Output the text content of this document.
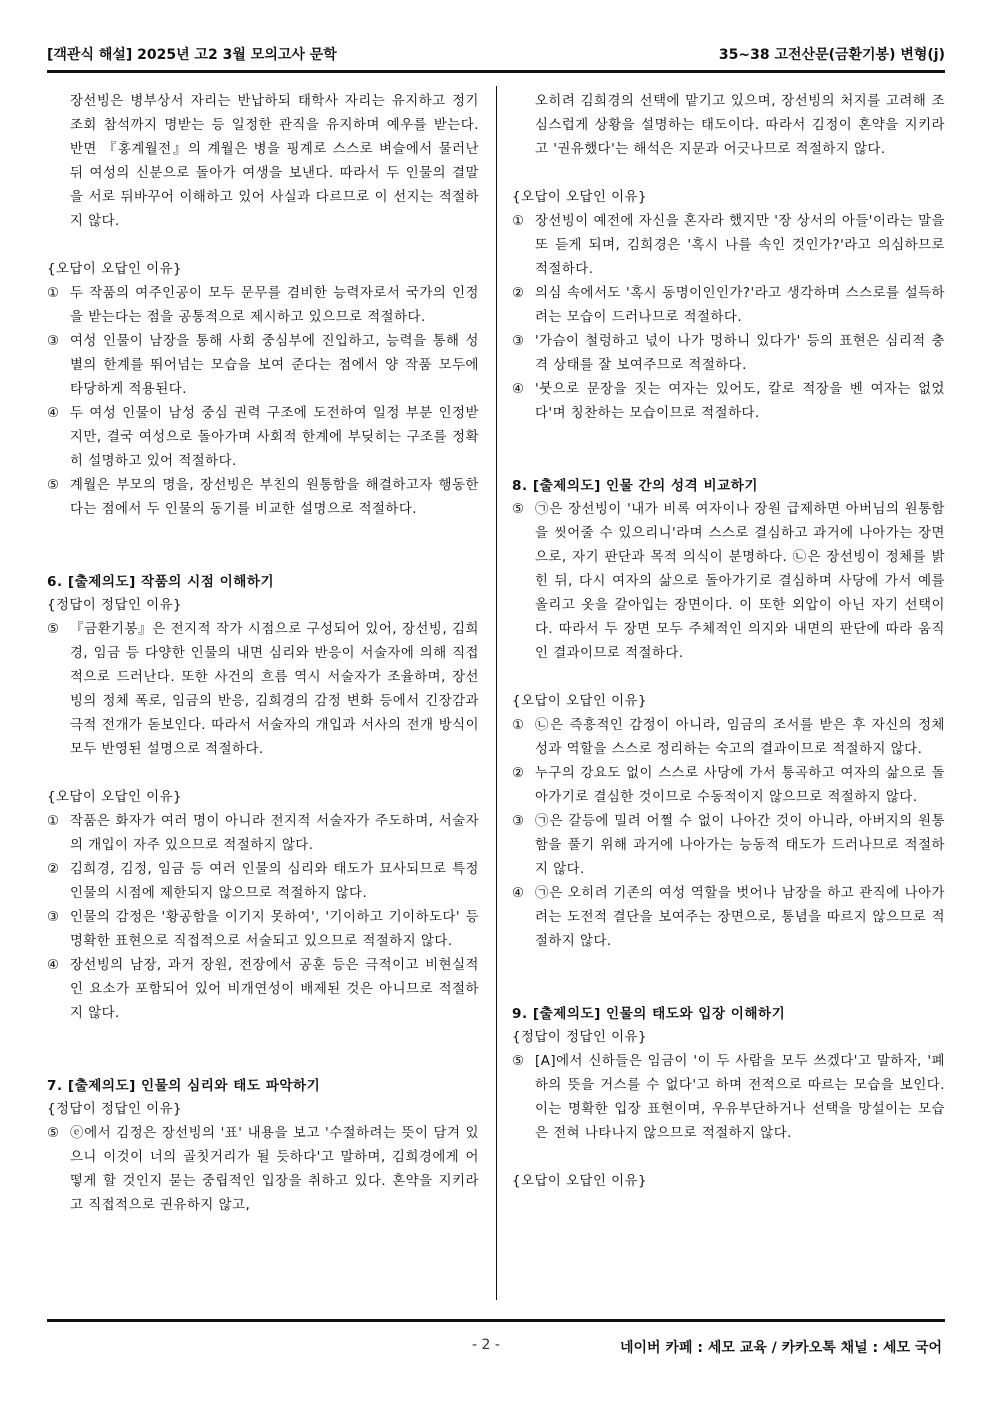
[객관식 해설] 2025년 고2 3월 모의고사 문학	35~38 고전산문(금환기봉) 변형(j)
장선빙은 병부상서 자리는 반납하되 태학사 자리는 유지하고 정기 조회 참석까지 명받는 등 일정한 관직을 유지하며 예우를 받는다. 반면 『홍계월전』의 계월은 병을 핑계로 스스로 벼슬에서 물러난 뒤 여성의 신분으로 돌아가 여생을 보낸다. 따라서 두 인물의 결말을 서로 뒤바꾸어 이해하고 있어 사실과 다르므로 이 선지는 적절하지 않다.
{오답이 오답인 이유}
① 두 작품의 여주인공이 모두 문무를 겸비한 능력자로서 국가의 인정을 받는다는 점을 공통적으로 제시하고 있으므로 적절하다.
③ 여성 인물이 남장을 통해 사회 중심부에 진입하고, 능력을 통해 성별의 한계를 뛰어넘는 모습을 보여 준다는 점에서 양 작품 모두에 타당하게 적용된다.
④ 두 여성 인물이 남성 중심 권력 구조에 도전하여 일정 부분 인정받지만, 결국 여성으로 돌아가며 사회적 한계에 부딪히는 구조를 정확히 설명하고 있어 적절하다.
⑤ 계월은 부모의 명을, 장선빙은 부친의 원통함을 해결하고자 행동한다는 점에서 두 인물의 동기를 비교한 설명으로 적절하다.
6. [출제의도] 작품의 시점 이해하기
{정답이 정답인 이유}
⑤ 『금환기봉』은 전지적 작가 시점으로 구성되어 있어, 장선빙, 김희경, 임금 등 다양한 인물의 내면 심리와 반응이 서술자에 의해 직접적으로 드러난다. 또한 사건의 흐름 역시 서술자가 조율하며, 장선빙의 정체 폭로, 임금의 반응, 김희경의 감정 변화 등에서 긴장감과 극적 전개가 돋보인다. 따라서 서술자의 개입과 서사의 전개 방식이 모두 반영된 설명으로 적절하다.
{오답이 오답인 이유}
① 작품은 화자가 여러 명이 아니라 전지적 서술자가 주도하며, 서술자의 개입이 자주 있으므로 적절하지 않다.
② 김희경, 김정, 임금 등 여러 인물의 심리와 태도가 묘사되므로 특정 인물의 시점에 제한되지 않으므로 적절하지 않다.
③ 인물의 감정은 '황공함을 이기지 못하여', '기이하고 기이하도다' 등 명확한 표현으로 직접적으로 서술되고 있으므로 적절하지 않다.
④ 장선빙의 남장, 과거 장원, 전장에서 공훈 등은 극적이고 비현실적인 요소가 포함되어 있어 비개연성이 배제된 것은 아니므로 적절하지 않다.
7. [출제의도] 인물의 심리와 태도 파악하기
{정답이 정답인 이유}
⑤ ⓔ에서 김정은 장선빙의 '표' 내용을 보고 '수절하려는 뜻이 담겨 있으니 이것이 너의 골칫거리가 될 듯하다'고 말하며, 김희경에게 어떻게 할 것인지 묻는 중립적인 입장을 취하고 있다. 혼약을 지키라고 직접적으로 권유하지 않고,
오히려 김희경의 선택에 맡기고 있으며, 장선빙의 처지를 고려해 조심스럽게 상황을 설명하는 태도이다. 따라서 김정이 혼약을 지키라고 '권유했다'는 해석은 지문과 어긋나므로 적절하지 않다.
{오답이 오답인 이유}
① 장선빙이 예전에 자신을 혼자라 했지만 '장 상서의 아들'이라는 말을 또 듣게 되며, 김희경은 '혹시 나를 속인 것인가?'라고 의심하므로 적절하다.
② 의심 속에서도 '혹시 동명이인인가?'라고 생각하며 스스로를 설득하려는 모습이 드러나므로 적절하다.
③ '가슴이 철렁하고 넋이 나가 멍하니 있다가' 등의 표현은 심리적 충격 상태를 잘 보여주므로 적절하다.
④ '붓으로 문장을 짓는 여자는 있어도, 칼로 적장을 벤 여자는 없었다'며 칭찬하는 모습이므로 적절하다.
8. [출제의도] 인물 간의 성격 비교하기
⑤ ㉠은 장선빙이 '내가 비록 여자이나 장원 급제하면 아버님의 원통함을 씻어줄 수 있으리니'라며 스스로 결심하고 과거에 나아가는 장면으로, 자기 판단과 목적 의식이 분명하다. ㉡은 장선빙이 정체를 밝힌 뒤, 다시 여자의 삶으로 돌아가기로 결심하며 사당에 가서 예를 올리고 옷을 갈아입는 장면이다. 이 또한 외압이 아닌 자기 선택이다. 따라서 두 장면 모두 주체적인 의지와 내면의 판단에 따라 움직인 결과이므로 적절하다.
{오답이 오답인 이유}
① ㉡은 즉흥적인 감정이 아니라, 임금의 조서를 받은 후 자신의 정체성과 역할을 스스로 정리하는 숙고의 결과이므로 적절하지 않다.
② 누구의 강요도 없이 스스로 사당에 가서 통곡하고 여자의 삶으로 돌아가기로 결심한 것이므로 수동적이지 않으므로 적절하지 않다.
③ ㉠은 갈등에 밀려 어쩔 수 없이 나아간 것이 아니라, 아버지의 원통함을 풀기 위해 과거에 나아가는 능동적 태도가 드러나므로 적절하지 않다.
④ ㉠은 오히려 기존의 여성 역할을 벗어나 남장을 하고 관직에 나아가려는 도전적 결단을 보여주는 장면으로, 통념을 따르지 않으므로 적절하지 않다.
9. [출제의도] 인물의 태도와 입장 이해하기
{정답이 정답인 이유}
⑤ [A]에서 신하들은 임금이 '이 두 사람을 모두 쓰겠다'고 말하자, '폐하의 뜻을 거스를 수 없다'고 하며 전적으로 따르는 모습을 보인다. 이는 명확한 입장 표현이며, 우유부단하거나 선택을 망설이는 모습은 전혀 나타나지 않으므로 적절하지 않다.
{오답이 오답인 이유}
- 2 -	네이버 카페 : 세모 교육 / 카카오톡 채널 : 세모 국어
